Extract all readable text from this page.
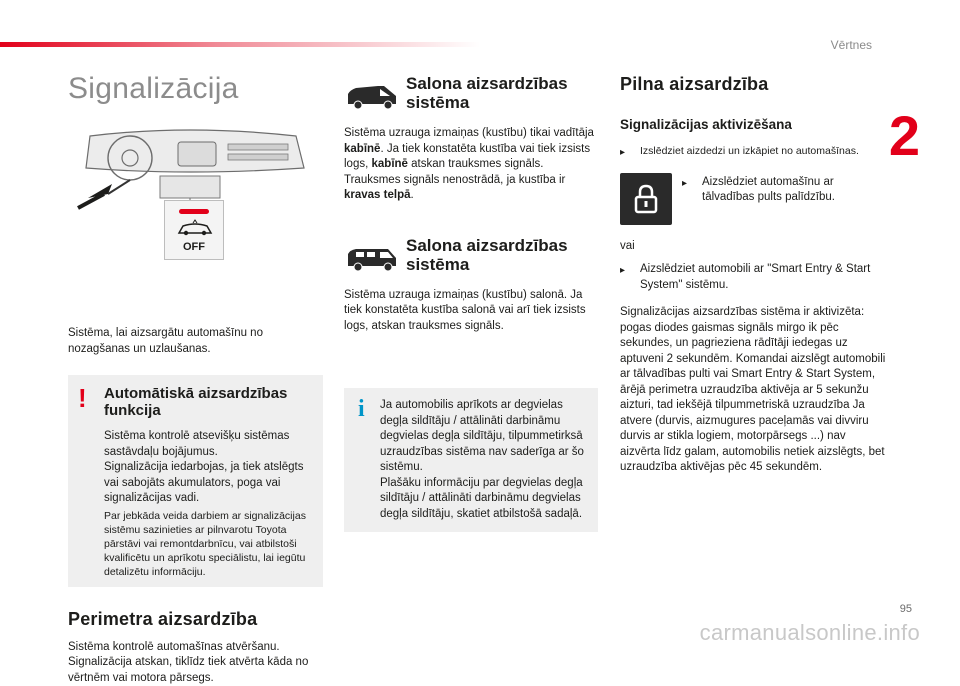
Vērtnes
2
Signalizācija
OFF

Sistēma, lai aizsargātu automašīnu no nozagšanas un uzlaušanas.

! Automātiskā aizsardzības funkcija

Sistēma kontrolē atsevišķu sistēmas sastāvdaļu bojājumus.

Signalizācija iedarbojas, ja tiek atslēgts vai sabojāts akumulators, poga vai signalizācijas vadi.

Par jebkāda veida darbiem ar signalizācijas sistēmu sazinieties ar pilnvarotu Toyota pārstāvi vai remontdarbnīcu, vai atbilstoši kvalificētu un aprīkotu speciālistu, lai iegūtu detalizētu informāciju.

Perimetra aizsardzība

Sistēma kontrolē automašīnas atvēršanu. Signalizācija atskan, tiklīdz tiek atvērta kāda no vērtnēm vai motora pārsegs.

Salona aizsardzības sistēma

Sistēma uzrauga izmaiņas (kustību) tikai vadītāja kabīnē. Ja tiek konstatēta kustība vai tiek izsists logs, kabīnē atskan trauksmes signāls. Trauksmes signāls nenostrādā, ja kustība ir kravas telpā.

Salona aizsardzības sistēma

Sistēma uzrauga izmaiņas (kustību) salonā. Ja tiek konstatēta kustība salonā vai arī tiek izsists logs, atskan trauksmes signāls.

i Ja automobilis aprīkots ar degvielas degļa sildītāju / attālināti darbināmu degvielas degļa sildītāju, tilpummetirksā uzraudzības sistēma nav saderīga ar šo sistēmu.

Plašāku informāciju par degvielas degļa sildītāju / attālināti darbināmu degvielas degļa sildītāju, skatiet atbilstošā sadaļā.

Pilna aizsardzība
Signalizācijas aktivizēšana
▸	Izslēdziet aizdedzi un izkāpiet no automašīnas.
▸	Aizslēdziet automašīnu ar tālvadības pults palīdzību.

vai

▸	Aizslēdziet automobili ar "Smart Entry & Start System" sistēmu.

Signalizācijas aizsardzības sistēma ir aktivizēta: pogas diodes gaismas signāls mirgo ik pēc sekundes, un pagrieziena rādītāji iedegas uz aptuveni 2 sekundēm. Komandai aizslēgt automobili ar tālvadības pulti vai Smart Entry & Start System, ārējā perimetra uzraudzība aktivēja ar 5 sekunžu aizturi, tad iekšējā tilpummetriskā uzraudzība Ja atvere (durvis, aizmugures paceļamās vai divviru durvis ar stikla logiem, motorpārsegs ...) nav aizvērta līdz galam, automobilis netiek aizslēgts, bet uzraudzība aktivējas pēc 45 sekundēm.

95
carmanualsonline.info
